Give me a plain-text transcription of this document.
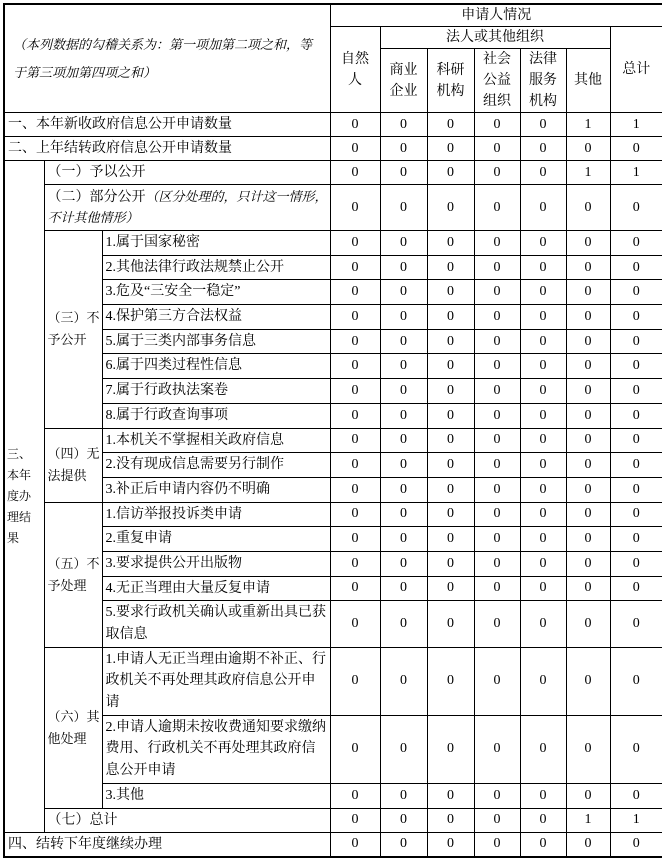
（本列数据的勾稽关系为：第一项加第二项之和，等于第三项加第四项之和）			申请人情况						
			自然人	法人或其他组织					总计
				商业企业	科研机构	社会公益组织	法律服务机构	其他	
一、本年新收政府信息公开申请数量			0	0	0	0	0	1	1
二、上年结转政府信息公开申请数量			0	0	0	0	0	0	0
三、本年度办理结果	（一）予以公开		0	0	0	0	0	1	1
	（二）部分公开（区分处理的，只计这一情形，不计其他情形）		0	0	0	0	0	0	0
	（三）不予公开	1.属于国家秘密	0	0	0	0	0	0	0
		2.其他法律行政法规禁止公开	0	0	0	0	0	0	0
		3.危及“三安全一稳定”	0	0	0	0	0	0	0
		4.保护第三方合法权益	0	0	0	0	0	0	0
		5.属于三类内部事务信息	0	0	0	0	0	0	0
		6.属于四类过程性信息	0	0	0	0	0	0	0
		7.属于行政执法案卷	0	0	0	0	0	0	0
		8.属于行政查询事项	0	0	0	0	0	0	0
	（四）无法提供	1.本机关不掌握相关政府信息	0	0	0	0	0	0	0
		2.没有现成信息需要另行制作	0	0	0	0	0	0	0
		3.补正后申请内容仍不明确	0	0	0	0	0	0	0
	（五）不予处理	1.信访举报投诉类申请	0	0	0	0	0	0	0
		2.重复申请	0	0	0	0	0	0	0
		3.要求提供公开出版物	0	0	0	0	0	0	0
		4.无正当理由大量反复申请	0	0	0	0	0	0	0
		5.要求行政机关确认或重新出具已获取信息	0	0	0	0	0	0	0
	（六）其他处理	1.申请人无正当理由逾期不补正、行政机关不再处理其政府信息公开申请	0	0	0	0	0	0	0
		2.申请人逾期未按收费通知要求缴纳费用、行政机关不再处理其政府信息公开申请	0	0	0	0	0	0	0
		3.其他	0	0	0	0	0	0	0
	（七）总计		0	0	0	0	0	1	1
四、结转下年度继续办理			0	0	0	0	0	0	0
